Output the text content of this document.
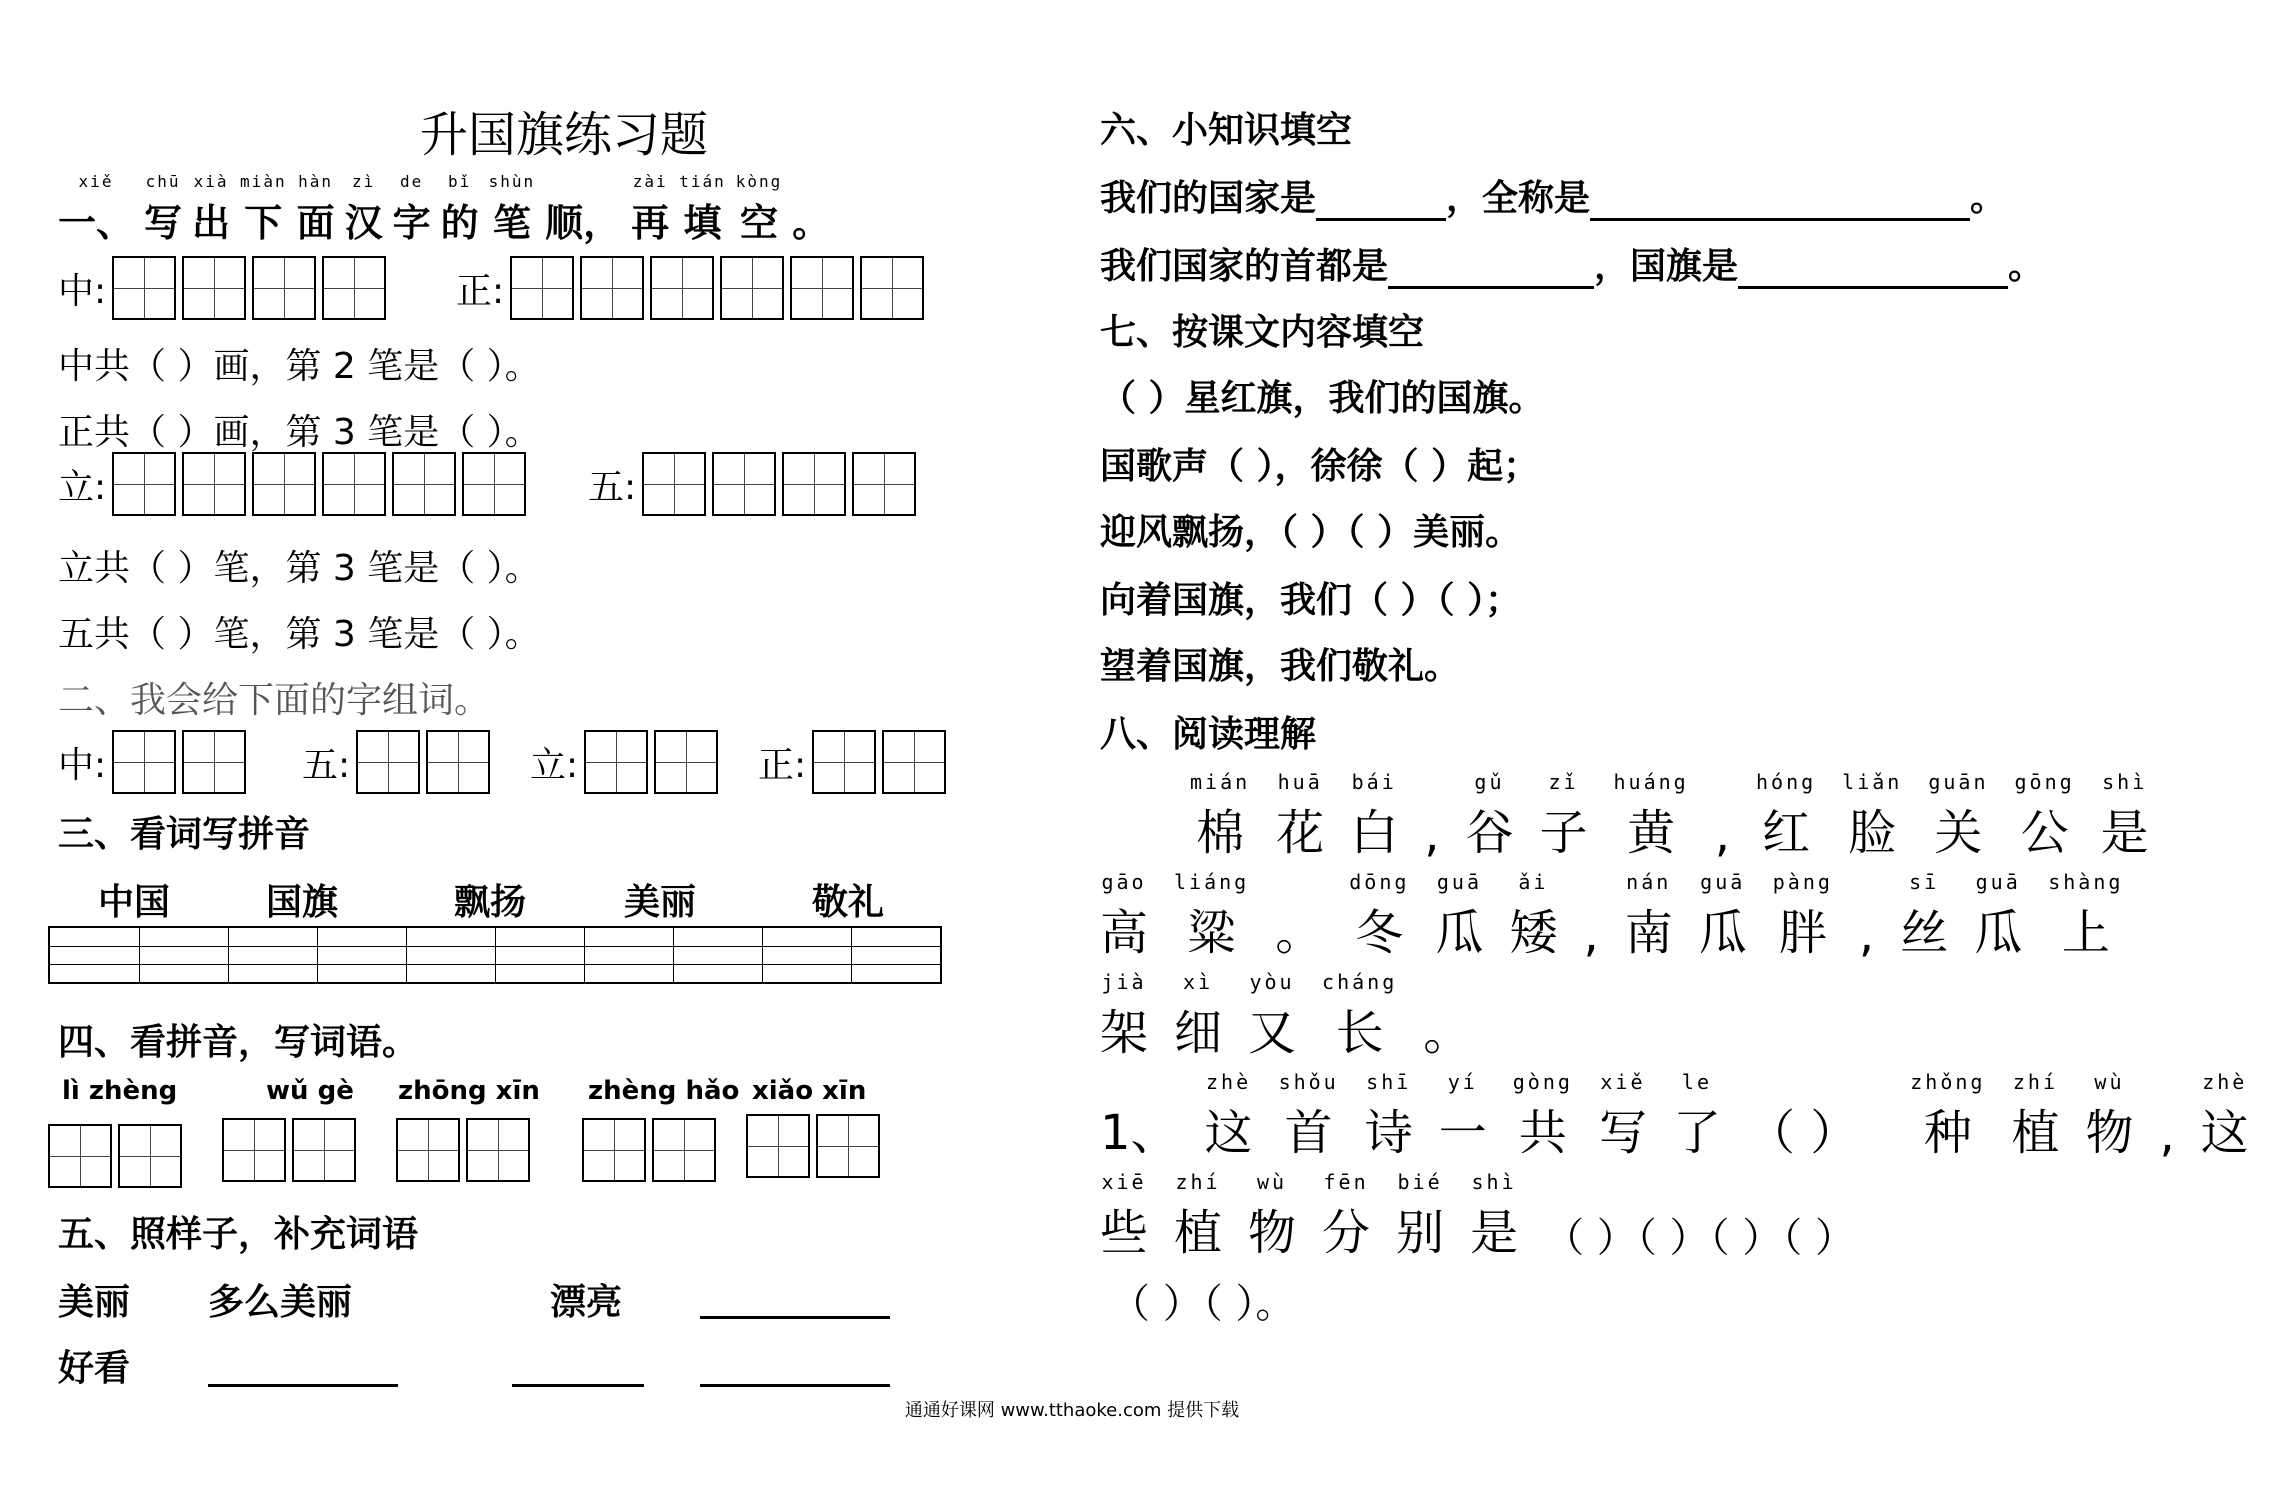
升国旗练习题
xiě
一、
chū
写
xià
出
miàn
下
hàn
面
zì
汉
de
字
bǐ
的
shùn
笔 顺，
zài
再
tián
填
kòng
空 。
中:	正:
中共（ ）画，第 2 笔是（ ）。
正共（ ）画，第 3 笔是（ ）。
立:	五:
立共（ ）笔，第 3 笔是（ ）。
五共（ ）笔，第 3 笔是（ ）。
二、我会给下面的字组词。
中:	五:	立:	正:
三、看词写拼音
中国	国旗	飘扬	美丽	敬礼
四、看拼音，写词语。
lì zhèng	wǔ gè zhōng xīn zhèng hǎo xiǎo xīn
五、照样子，补充词语
美丽 多么美丽	漂亮
好看
六、小知识填空
我们的国家是	，全称是	。
我们国家的首都是	，国旗是	。
七、按课文内容填空
（ ）星红旗，我们的国旗。
国歌声（ ），徐徐（ ）起；
迎风飘扬，（ ）（ ）美丽。
向着国旗，我们（ ）（ ）；
望着国旗，我们敬礼。
八、阅读理解
mián
棉
huā
花
bái
白 ,
gǔ
谷
zǐ
子
huáng
黄 ,
hóng
红
liǎn
脸
guān
关
gōng
公
shì
是
gāo
高
liáng
粱 。
dōng
冬
guā
瓜
ǎi
矮 ,
nán
南
guā
瓜
pàng
胖 ,
sī
丝
guā
瓜
shàng
上
jià
架
xì
细
yòu
又
cháng
长 。
1、
zhè
这
shǒu
首
shī
诗
yí
一
gòng
共
xiě
写
le
了 （ ）
zhǒng
种
zhí
植
wù
物 ,
zhè
这
xiē
些
zhí
植
wù
物
fēn
分
bié
别
shì
是 （ ）（ ）（ ）（ ）
（ ）（ ）。
通通好课网 www.tthaoke.com 提供下载
